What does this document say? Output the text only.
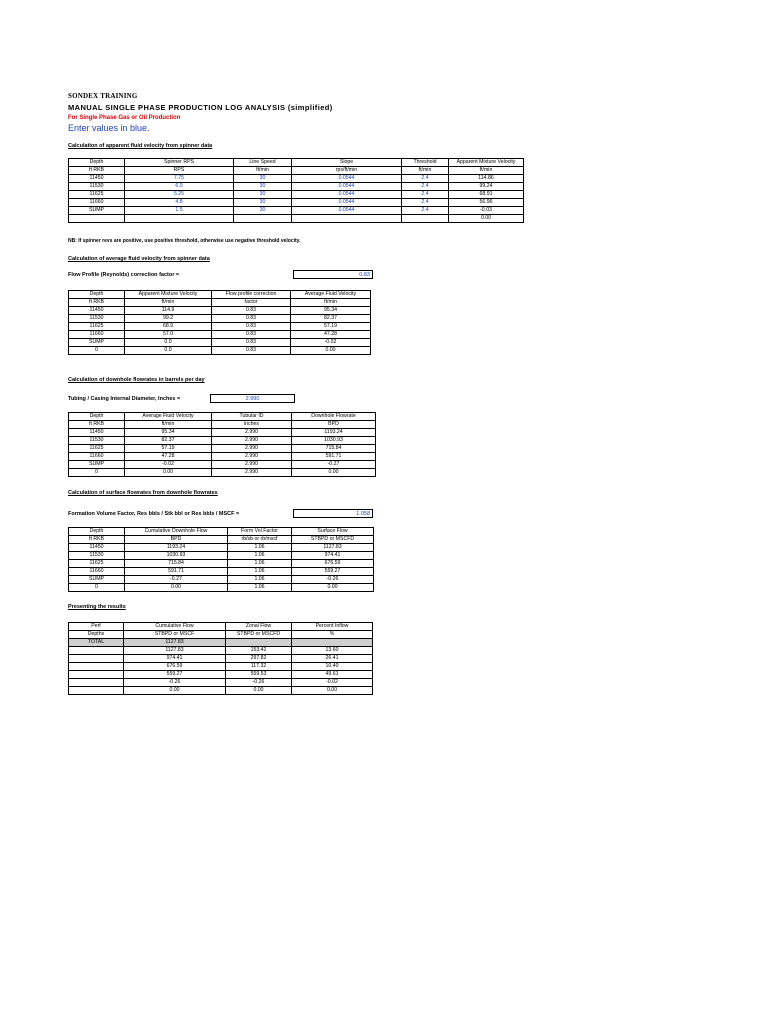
SONDEX TRAINING
MANUAL SINGLE PHASE PRODUCTION LOG ANALYSIS (simplified)
For Single Phase Gas or Oil Production
Enter values in blue.
Calculation of apparent fluid velocity from spinner data
Depth	Spinner RPS	Line Speed	Slope	Threshold	Apparent Mixture Velocity
ft RKB	RPS	ft/min	rps/ft/min	ft/min	ft/min
11450	7.75	30	0.0544	2.4	114.86
11530	6.9	30	0.0544	2.4	99.24
11625	5.25	30	0.0544	2.4	68.91
11660	4.8	30	0.0544	2.4	56.96
SUMP	1.5	30	0.0544	2.4	-0.03
					0.00
NB: If spinner revs are positive, use positive threshold, otherwise use negative threshold velocity.
Calculation of average fluid velocity from spinner data
Flow Profile (Reynolds) correction factor =	0.83
Depth	Apparent Mixture Velocity	Flow profile correction	Average Fluid Velocity
ft RKB	ft/min	factor	ft/min
11450	114.9	0.83	95.34
11530	99.2	0.83	82.37
11625	68.9	0.83	57.19
11660	57.0	0.83	47.28
SUMP	0.0	0.83	-0.02
0	0.0	0.83	0.00
Calculation of downhole flowrates in barrels per day
Tubing / Casing Internal Diameter, Inches =	2.990
Depth	Average Fluid Velocity	Tubular ID	Downhole Flowrate
ft RKB	ft/min	inches	BPD
11450	95.34	2.990	1193.24
11530	82.37	2.990	1030.93
11625	57.19	2.990	715.84
11660	47.28	2.990	591.71
SUMP	-0.02	2.990	-0.27
0	0.00	2.990	0.00
Calculation of surface flowrates from downhole flowrates
Formation Volume Factor, Res bbls / Stk bbl or Res bbls / MSCF =	1.058
Depth	Cumulative Downhole Flow	Form Vol Factor	Surface Flow
ft RKB	BPD	rb/sb or rb/mscf	STBPD or MSCFD
11450	1193.24	1.06	1127.83
11530	1030.93	1.06	974.41
11625	715.84	1.06	676.59
11660	591.71	1.06	559.27
SUMP	-0.27	1.06	-0.26
0	0.00	1.06	0.00
Presenting the results
Perf	Cumulative Flow	Zonal Flow	Percent Inflow
Depths	STBPD or MSCF	STBPD or MSCFD	%
TOTAL	1127.83		
	1127.83	153.42	13.60
	974.41	297.82	26.41
	676.59	117.32	10.40
	559.27	559.53	49.61
	-0.26	-0.26	-0.02
	0.00	0.00	0.00
